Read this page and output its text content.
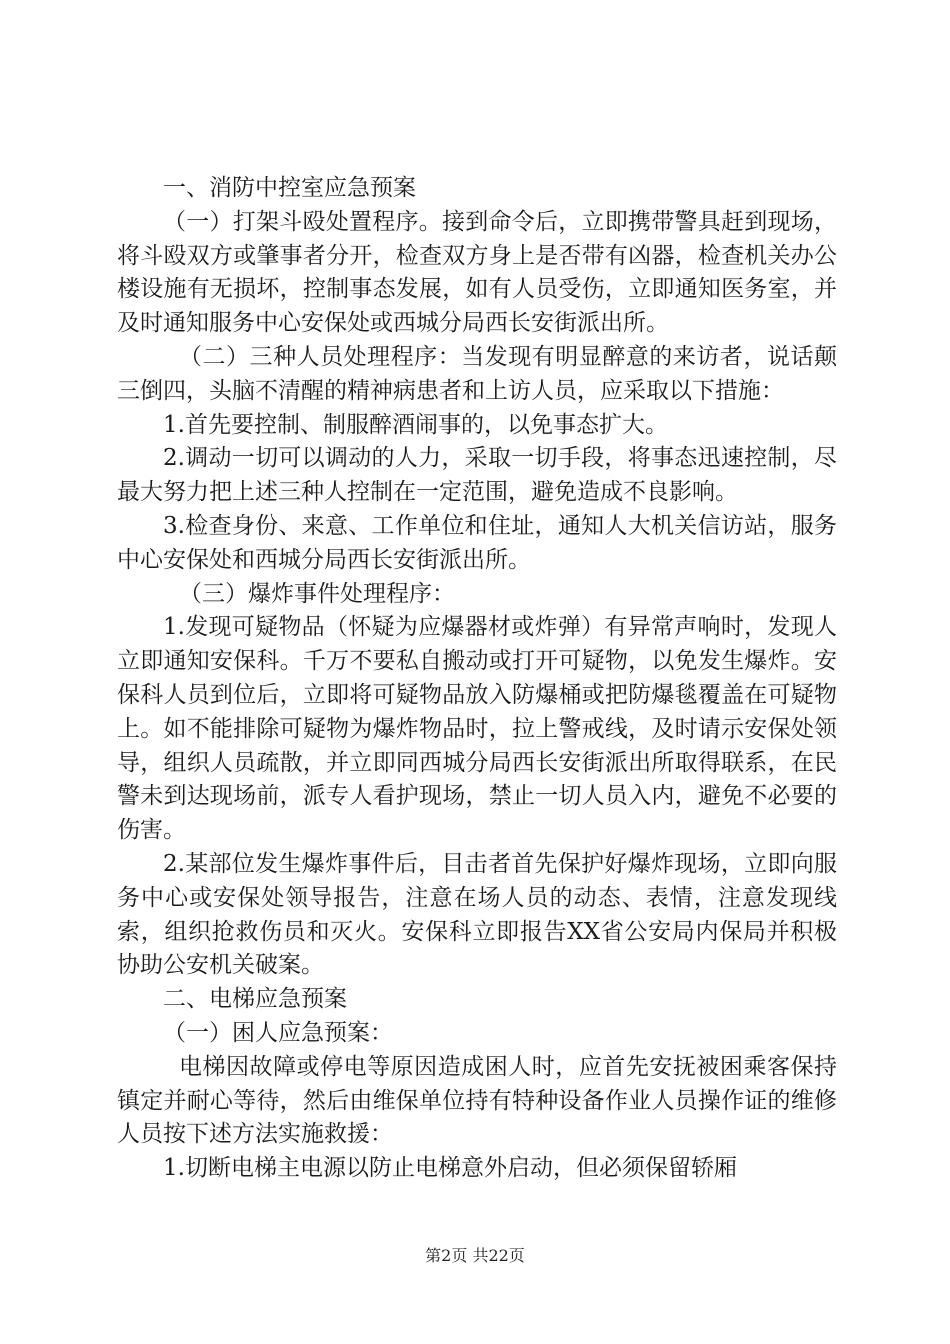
一、消防中控室应急预案

（一）打架斗殴处置程序。接到命令后，立即携带警具赶到现场，将斗殴双方或肇事者分开，检查双方身上是否带有凶器，检查机关办公楼设施有无损坏，控制事态发展，如有人员受伤，立即通知医务室，并及时通知服务中心安保处或西城分局西长安街派出所。

（二）三种人员处理程序：当发现有明显醉意的来访者，说话颠三倒四，头脑不清醒的精神病患者和上访人员，应采取以下措施：

1.首先要控制、制服醉酒闹事的，以免事态扩大。

2.调动一切可以调动的人力，采取一切手段，将事态迅速控制，尽最大努力把上述三种人控制在一定范围，避免造成不良影响。

3.检查身份、来意、工作单位和住址，通知人大机关信访站，服务中心安保处和西城分局西长安街派出所。

（三）爆炸事件处理程序：

1.发现可疑物品（怀疑为应爆器材或炸弹）有异常声响时，发现人立即通知安保科。千万不要私自搬动或打开可疑物，以免发生爆炸。安保科人员到位后，立即将可疑物品放入防爆桶或把防爆毯覆盖在可疑物上。如不能排除可疑物为爆炸物品时，拉上警戒线，及时请示安保处领导，组织人员疏散，并立即同西城分局西长安街派出所取得联系，在民警未到达现场前，派专人看护现场，禁止一切人员入内，避免不必要的伤害。

2.某部位发生爆炸事件后，目击者首先保护好爆炸现场，立即向服务中心或安保处领导报告，注意在场人员的动态、表情，注意发现线索，组织抢救伤员和灭火。安保科立即报告XX省公安局内保局并积极协助公安机关破案。

二、电梯应急预案

（一）困人应急预案：

电梯因故障或停电等原因造成困人时，应首先安抚被困乘客保持镇定并耐心等待，然后由维保单位持有特种设备作业人员操作证的维修人员按下述方法实施救援：

1.切断电梯主电源以防止电梯意外启动，但必须保留轿厢

第2页 共22页
